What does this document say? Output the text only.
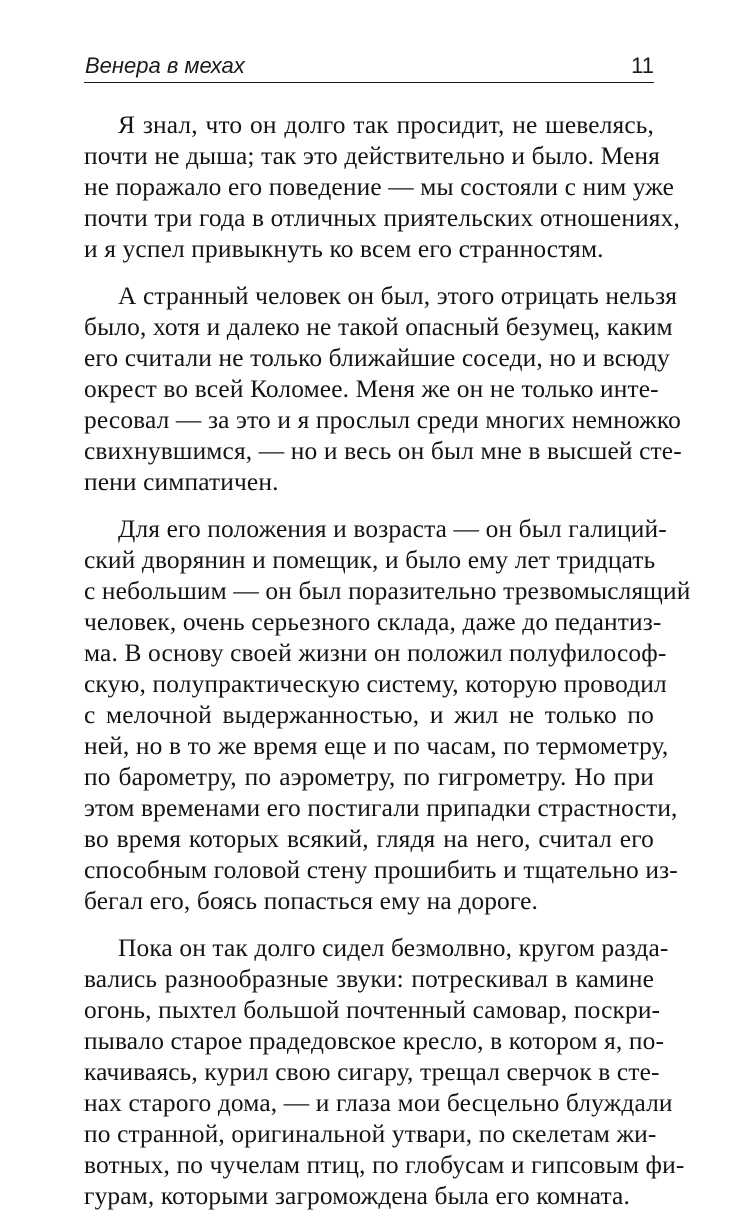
Венера в мехах	11
Я знал, что он долго так просидит, не шевелясь,
почти не дыша; так это действительно и было. Меня
не поражало его поведение — мы состояли с ним уже
почти три года в отличных приятельских отношениях,
и я успел привыкнуть ко всем его странностям.
А странный человек он был, этого отрицать нельзя
было, хотя и далеко не такой опасный безумец, каким
его считали не только ближайшие соседи, но и всюду
окрест во всей Коломее. Меня же он не только инте-
ресовал — за это и я прослыл среди многих немножко
свихнувшимся, — но и весь он был мне в высшей сте-
пени симпатичен.
Для его положения и возраста — он был галиций-
ский дворянин и помещик, и было ему лет тридцать
с небольшим — он был поразительно трезвомыслящий
человек, очень серьезного склада, даже до педантиз-
ма. В основу своей жизни он положил полуфилософ-
скую, полупрактическую систему, которую проводил
с мелочной выдержанностью, и жил не только по
ней, но в то же время еще и по часам, по термометру,
по барометру, по аэрометру, по гигрометру. Но при
этом временами его постигали припадки страстности,
во время которых всякий, глядя на него, считал его
способным головой стену прошибить и тщательно из-
бегал его, боясь попасться ему на дороге.
Пока он так долго сидел безмолвно, кругом разда-
вались разнообразные звуки: потрескивал в камине
огонь, пыхтел большой почтенный самовар, поскри-
пывало старое прадедовское кресло, в котором я, по-
качиваясь, курил свою сигару, трещал сверчок в сте-
нах старого дома, — и глаза мои бесцельно блуждали
по странной, оригинальной утвари, по скелетам жи-
вотных, по чучелам птиц, по глобусам и гипсовым фи-
гурам, которыми загромождена была его комната.
